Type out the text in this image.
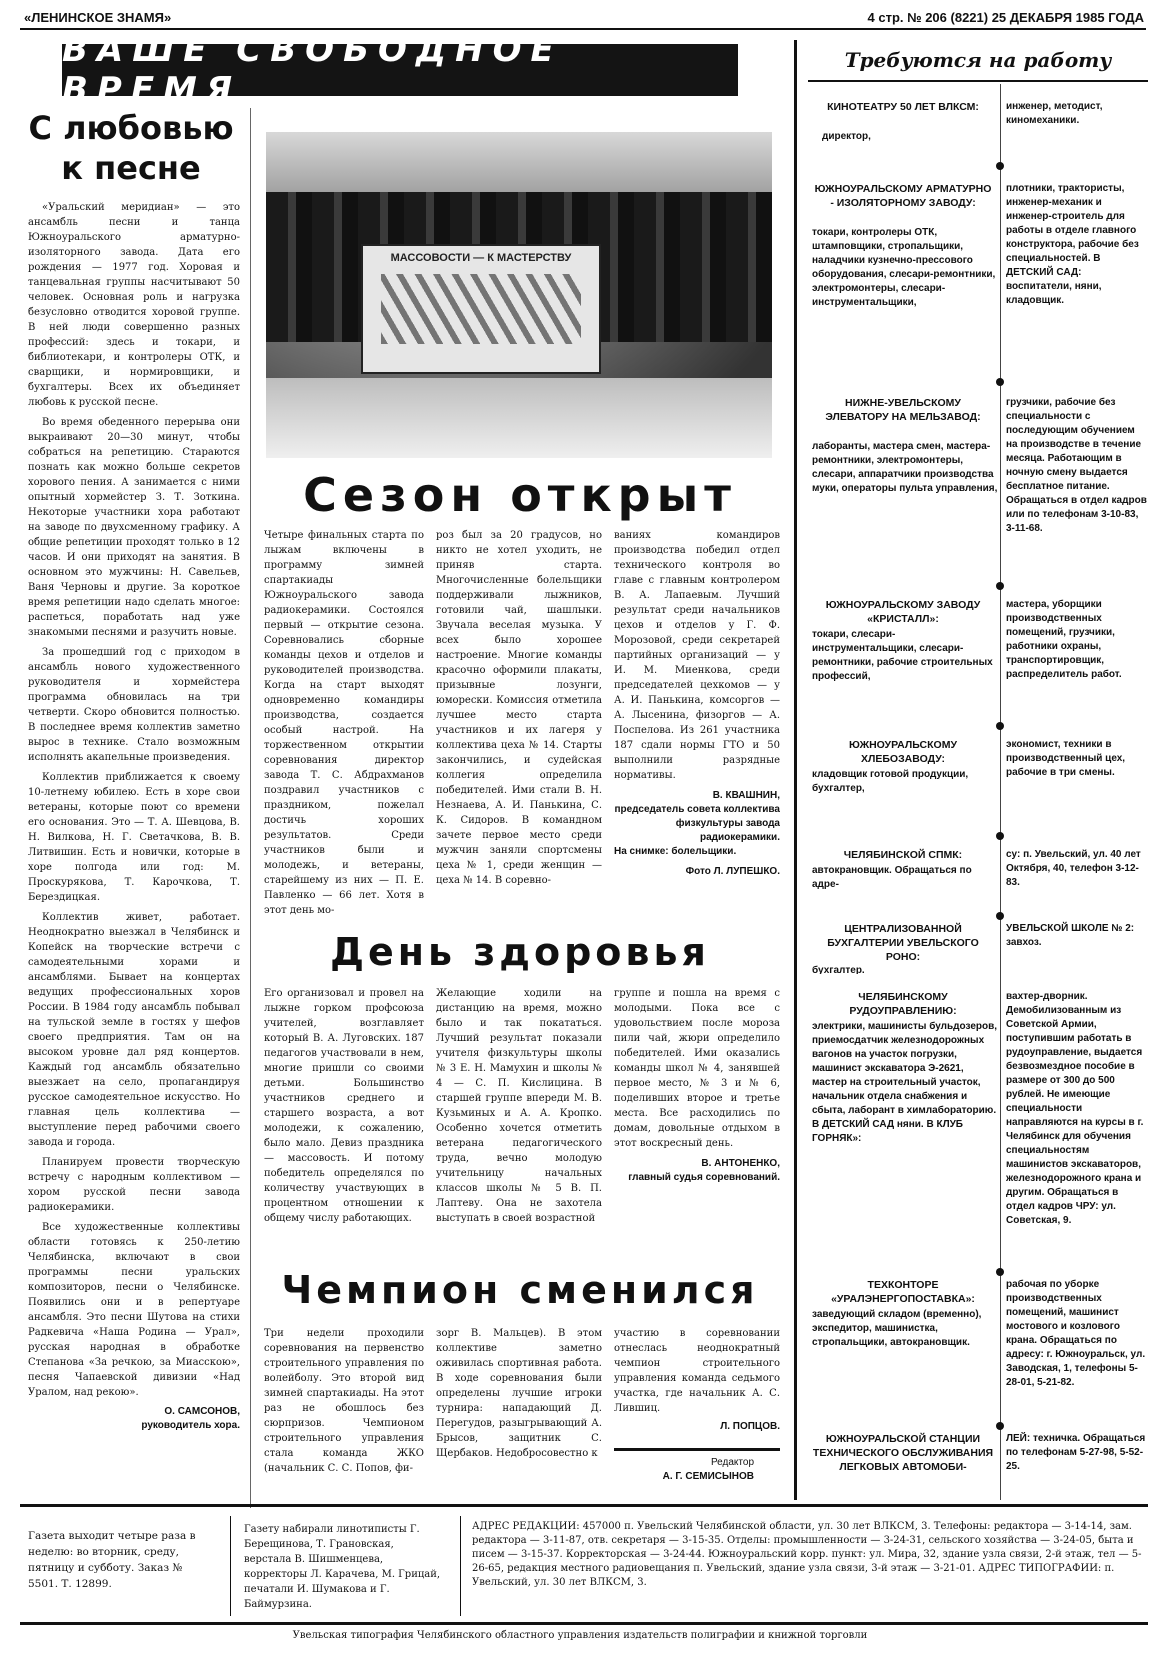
«ЛЕНИНСКОЕ ЗНАМЯ»	4 стр. № 206 (8221) 25 ДЕКАБРЯ 1985 ГОДА
ВАШЕ СВОБОДНОЕ ВРЕМЯ
С любовью
к песне

«Уральский меридиан» — это ансамбль песни и танца Южноуральского арматурно-изоляторного завода. Дата его рождения — 1977 год. Хоровая и танцевальная группы насчитывают 50 человек. Основная роль и нагрузка безусловно отводится хоровой группе. В ней люди совершенно разных профессий: здесь и токари, и библиотекари, и контролеры ОТК, и сварщики, и нормировщики, и бухгалтеры. Всех их объединяет любовь к русской песне.

Во время обеденного перерыва они выкраивают 20—30 минут, чтобы собраться на репетицию. Стараются познать как можно больше секретов хорового пения. А занимается с ними опытный хормейстер З. Т. Зоткина. Некоторые участники хора работают на заводе по двухсменному графику. А общие репетиции проходят только в 12 часов. И они приходят на занятия. В основном это мужчины: Н. Савельев, Ваня Черновы и другие. За короткое время репетиции надо сделать многое: распеться, поработать над уже знакомыми песнями и разучить новые.

За прошедший год с приходом в ансамбль нового художественного руководителя и хормейстера программа обновилась на три четверти. Скоро обновится полностью. В последнее время коллектив заметно вырос в технике. Стало возможным исполнять акапельные произведения.

Коллектив приближается к своему 10-летнему юбилею. Есть в хоре свои ветераны, которые поют со времени его основания. Это — Т. А. Шевцова, В. Н. Вилкова, Н. Г. Светачкова, В. В. Литвишин. Есть и новички, которые в хоре полгода или год: М. Проскурякова, Т. Карочкова, Т. Берездицкая.

Коллектив живет, работает. Неоднократно выезжал в Челябинск и Копейск на творческие встречи с самодеятельными хорами и ансамблями. Бывает на концертах ведущих профессиональных хоров России. В 1984 году ансамбль побывал на тульской земле в гостях у шефов своего предприятия. Там он на высоком уровне дал ряд концертов. Каждый год ансамбль обязательно выезжает на село, пропагандируя русское самодеятельное искусство. Но главная цель коллектива — выступление перед рабочими своего завода и города.

Планируем провести творческую встречу с народным коллективом — хором русской песни завода радиокерамики.

Все художественные коллективы области готовясь к 250-летию Челябинска, включают в свои программы песни уральских композиторов, песни о Челябинске. Появились они и в репертуаре ансамбля. Это песни Шутова на стихи Радкевича «Наша Родина — Урал», русская народная в обработке Степанова «За речкою, за Миасскою», песня Чапаевской дивизии «Над Уралом, над рекою».

О. САМСОНОВ,
руководитель хора.
МАССОВОСТИ — К МАСТЕРСТВУ
Сезон открыт
Четыре финальных старта по лыжам включены в программу зимней спартакиады Южноуральского завода радиокерамики. Состоялся первый — открытие сезона. Соревновались сборные команды цехов и отделов и руководителей производства. Когда на старт выходят одновременно командиры производства, создается особый настрой. На торжественном открытии соревнования директор завода Т. С. Абдрахманов поздравил участников с праздником, пожелал достичь хороших результатов. Среди участников были и молодежь, и ветераны, старейшему из них — П. Е. Павленко — 66 лет. Хотя в этот день мо-
роз был за 20 градусов, но никто не хотел уходить, не приняв старта. Многочисленные болельщики поддерживали лыжников, готовили чай, шашлыки. Звучала веселая музыка. У всех было хорошее настроение. Многие команды красочно оформили плакаты, призывные лозунги, юморески. Комиссия отметила лучшее место старта участников и их лагеря у коллектива цеха № 14. Старты закончились, и судейская коллегия определила победителей. Ими стали В. Н. Незнаева, А. И. Панькина, С. К. Сидоров. В командном зачете первое место среди мужчин заняли спортсмены цеха № 1, среди женщин — цеха № 14. В соревно-
ваниях командиров производства победил отдел технического контроля во главе с главным контролером В. А. Лапаевым. Лучший результат среди начальников цехов и отделов у Г. Ф. Морозовой, среди секретарей партийных организаций — у И. М. Миенкова, среди председателей цехкомов — у А. И. Панькина, комсоргов — А. Лысенина, физоргов — А. Поспелова. Из 261 участника 187 сдали нормы ГТО и 50 выполнили разрядные нормативы.
В. КВАШНИН,
председатель совета коллектива физкультуры завода радиокерамики.
На снимке: болельщики.
Фото Л. ЛУПЕШКО.
День здоровья
Его организовал и провел на лыжне горком профсоюза учителей, возглавляет который В. А. Луговских. 187 педагогов участвовали в нем, многие пришли со своими детьми. Большинство участников среднего и старшего возраста, а вот молодежи, к сожалению, было мало. Девиз праздника — массовость. И потому победитель определялся по количеству участвующих в процентном отношении к общему числу работающих.
Желающие ходили на дистанцию на время, можно было и так покататься. Лучший результат показали учителя физкультуры школы № 3 Е. Н. Мамухин и школы № 4 — С. П. Кислицина. В старшей группе впереди М. В. Кузьминых и А. А. Кропко. Особенно хочется отметить ветерана педагогического труда, вечно молодую учительницу начальных классов школы № 5 В. П. Лаптеву. Она не захотела выступать в своей возрастной
группе и пошла на время с молодыми. Пока все с удовольствием после мороза пили чай, жюри определило победителей. Ими оказались команды школ № 4, занявшей первое место, № 3 и № 6, поделивших второе и третье места. Все расходились по домам, довольные отдыхом в этот воскресный день.
В. АНТОНЕНКО,
главный судья соревнований.
Чемпион сменился
Три недели проходили соревнования на первенство строительного управления по волейболу. Это второй вид зимней спартакиады. На этот раз не обошлось без сюрпризов. Чемпионом строительного управления стала команда ЖКО (начальник С. С. Попов, фи-
зорг В. Мальцев). В этом коллективе заметно оживилась спортивная работа. В ходе соревнования были определены лучшие игроки турнира: нападающий Д. Перегудов, разыгрывающий А. Брысов, защитник С. Щербаков. Недобросовестно к
участию в соревновании отнеслась неоднократный чемпион строительного управления команда седьмого участка, где начальник А. С. Лившиц.
Л. ПОПЦОВ.
Редактор
А. Г. СЕМИСЫНОВ
Требуются на работу
КИНОТЕАТРУ 50 ЛЕТ ВЛКСМ:
директор,
инженер, методист, киномеханики.
ЮЖНОУРАЛЬСКОМУ АРМАТУРНО - ИЗОЛЯТОРНОМУ ЗАВОДУ:
токари, контролеры ОТК, штамповщики, стропальщики, наладчики кузнечно-прессового оборудования, слесари-ремонтники, электромонтеры, слесари-инструментальщики,
плотники, трактористы, инженер-механик и инженер-строитель для работы в отделе главного конструктора, рабочие без специальностей. В ДЕТСКИЙ САД: воспитатели, няни, кладовщик.
НИЖНЕ-УВЕЛЬСКОМУ ЭЛЕВАТОРУ НА МЕЛЬЗАВОД:
лаборанты, мастера смен, мастера-ремонтники, электромонтеры, слесари, аппаратчики производства муки, операторы пульта управления,
грузчики, рабочие без специальности с последующим обучением на производстве в течение месяца. Работающим в ночную смену выдается бесплатное питание. Обращаться в отдел кадров или по телефонам 3-10-83, 3-11-68.
ЮЖНОУРАЛЬСКОМУ ЗАВОДУ «КРИСТАЛЛ»:
токари, слесари-инструментальщики, слесари-ремонтники, рабочие строительных профессий,
мастера, уборщики производственных помещений, грузчики, работники охраны, транспортировщик, распределитель работ.
ЮЖНОУРАЛЬСКОМУ ХЛЕБОЗАВОДУ:
кладовщик готовой продукции, бухгалтер,
экономист, техники в производственный цех, рабочие в три смены.
ЧЕЛЯБИНСКОЙ СПМК:
автокрановщик. Обращаться по адре-
су: п. Увельский, ул. 40 лет Октября, 40, телефон 3-12-83.
ЦЕНТРАЛИЗОВАННОЙ БУХГАЛТЕРИИ УВЕЛЬСКОГО РОНО:
бухгалтер.
УВЕЛЬСКОЙ ШКОЛЕ № 2: завхоз.
ЧЕЛЯБИНСКОМУ РУДОУПРАВЛЕНИЮ:
электрики, машинисты бульдозеров, приемосдатчик железнодорожных вагонов на участок погрузки, машинист экскаватора Э-2621, мастер на строительный участок, начальник отдела снабжения и сбыта, лаборант в химлабораторию. В ДЕТСКИЙ САД няни. В КЛУБ ГОРНЯК»:
вахтер-дворник. Демобилизованным из Советской Армии, поступившим работать в рудоуправление, выдается безвозмездное пособие в размере от 300 до 500 рублей. Не имеющие специальности направляются на курсы в г. Челябинск для обучения специальностям машинистов экскаваторов, железнодорожного крана и другим. Обращаться в отдел кадров ЧРУ: ул. Советская, 9.
ТЕХКОНТОРЕ «УРАЛЭНЕРГОПОСТАВКА»:
заведующий складом (временно), экспедитор, машинистка, стропальщики, автокрановщик.
рабочая по уборке производственных помещений, машинист мостового и козлового крана. Обращаться по адресу: г. Южноуральск, ул. Заводская, 1, телефоны 5-28-01, 5-21-82.
ЮЖНОУРАЛЬСКОЙ СТАНЦИИ ТЕХНИЧЕСКОГО ОБСЛУЖИВАНИЯ ЛЕГКОВЫХ АВТОМОБИ-
ЛЕЙ: техничка. Обращаться по телефонам 5-27-98, 5-52-25.
Газета выходит четыре раза в неделю: во вторник, среду, пятницу и субботу. Заказ № 5501. Т. 12899.
Газету набирали линотиписты Г. Берещинова, Т. Грановская, верстала В. Шишменцева, корректоры Л. Карачева, М. Грицай, печатали И. Шумакова и Г. Баймурзина.
АДРЕС РЕДАКЦИИ: 457000 п. Увельский Челябинской области, ул. 30 лет ВЛКСМ, 3. Телефоны: редактора — 3-14-14, зам. редактора — 3-11-87, отв. секретаря — 3-15-35. Отделы: промышленности — 3-24-31, сельского хозяйства — 3-24-05, быта и писем — 3-15-37. Корректорская — 3-24-44. Южноуральский корр. пункт: ул. Мира, 32, здание узла связи, 2-й этаж, тел — 5-26-65, редакция местного радиовещания п. Увельский, здание узла связи, 3-й этаж — 3-21-01. АДРЕС ТИПОГРАФИИ: п. Увельский, ул. 30 лет ВЛКСМ, 3.
Увельская типография Челябинского областного управления издательств полиграфии и книжной торговли
